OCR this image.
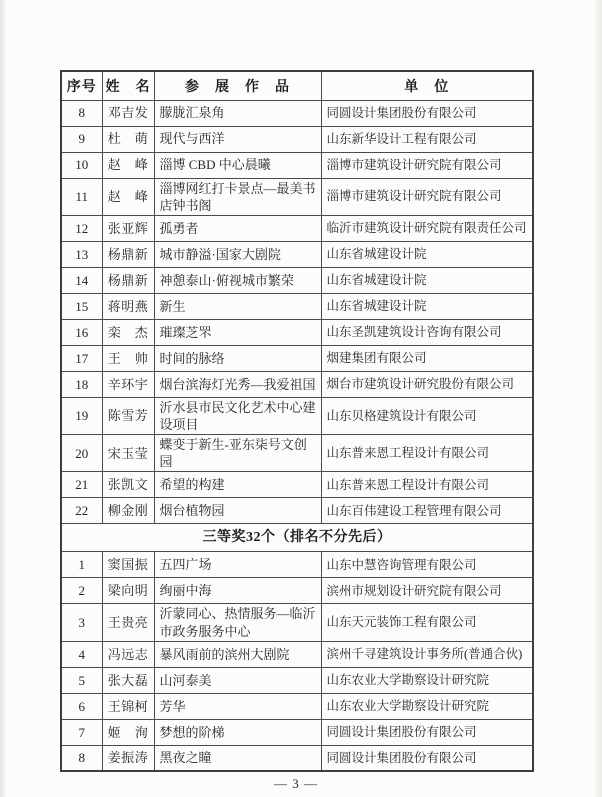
序号	姓　名	参　展　作　品	单　位
8	邓吉发	朦胧汇泉角	同圆设计集团股份有限公司
9	杜　萌	现代与西洋	山东新华设计工程有限公司
10	赵　峰	淄博 CBD 中心晨曦	淄博市建筑设计研究院有限公司
11	赵　峰	淄博网红打卡景点—最美书店钟书阁	淄博市建筑设计研究院有限公司
12	张亚辉	孤勇者	临沂市建筑设计研究院有限责任公司
13	杨鼎新	城市静溢·国家大剧院	山东省城建设计院
14	杨鼎新	神憩泰山·俯视城市繁荣	山东省城建设计院
15	蒋明燕	新生	山东省城建设计院
16	栾　杰	璀璨芝罘	山东圣凯建筑设计咨询有限公司
17	王　帅	时间的脉络	烟建集团有限公司
18	辛环宇	烟台滨海灯光秀—我爱祖国	烟台市建筑设计研究股份有限公司
19	陈雪芳	沂水县市民文化艺术中心建设项目	山东贝格建筑设计有限公司
20	宋玉莹	蝶变于新生-亚东柒号文创园	山东普来恩工程设计有限公司
21	张凯文	希望的构建	山东普来恩工程设计有限公司
22	柳金刚	烟台植物园	山东百伟建设工程管理有限公司
三等奖32个（排名不分先后）			
1	窦国振	五四广场	山东中慧咨询管理有限公司
2	梁向明	绚丽中海	滨州市规划设计研究院有限公司
3	王贵亮	沂蒙同心、热情服务—临沂市政务服务中心	山东天元装饰工程有限公司
4	冯远志	暴风雨前的滨州大剧院	滨州千寻建筑设计事务所(普通合伙)
5	张大磊	山河泰美	山东农业大学勘察设计研究院
6	王锦柯	芳华	山东农业大学勘察设计研究院
7	姬　洵	梦想的阶梯	同圆设计集团股份有限公司
8	姜振涛	黑夜之瞳	同圆设计集团股份有限公司
— 3 —
